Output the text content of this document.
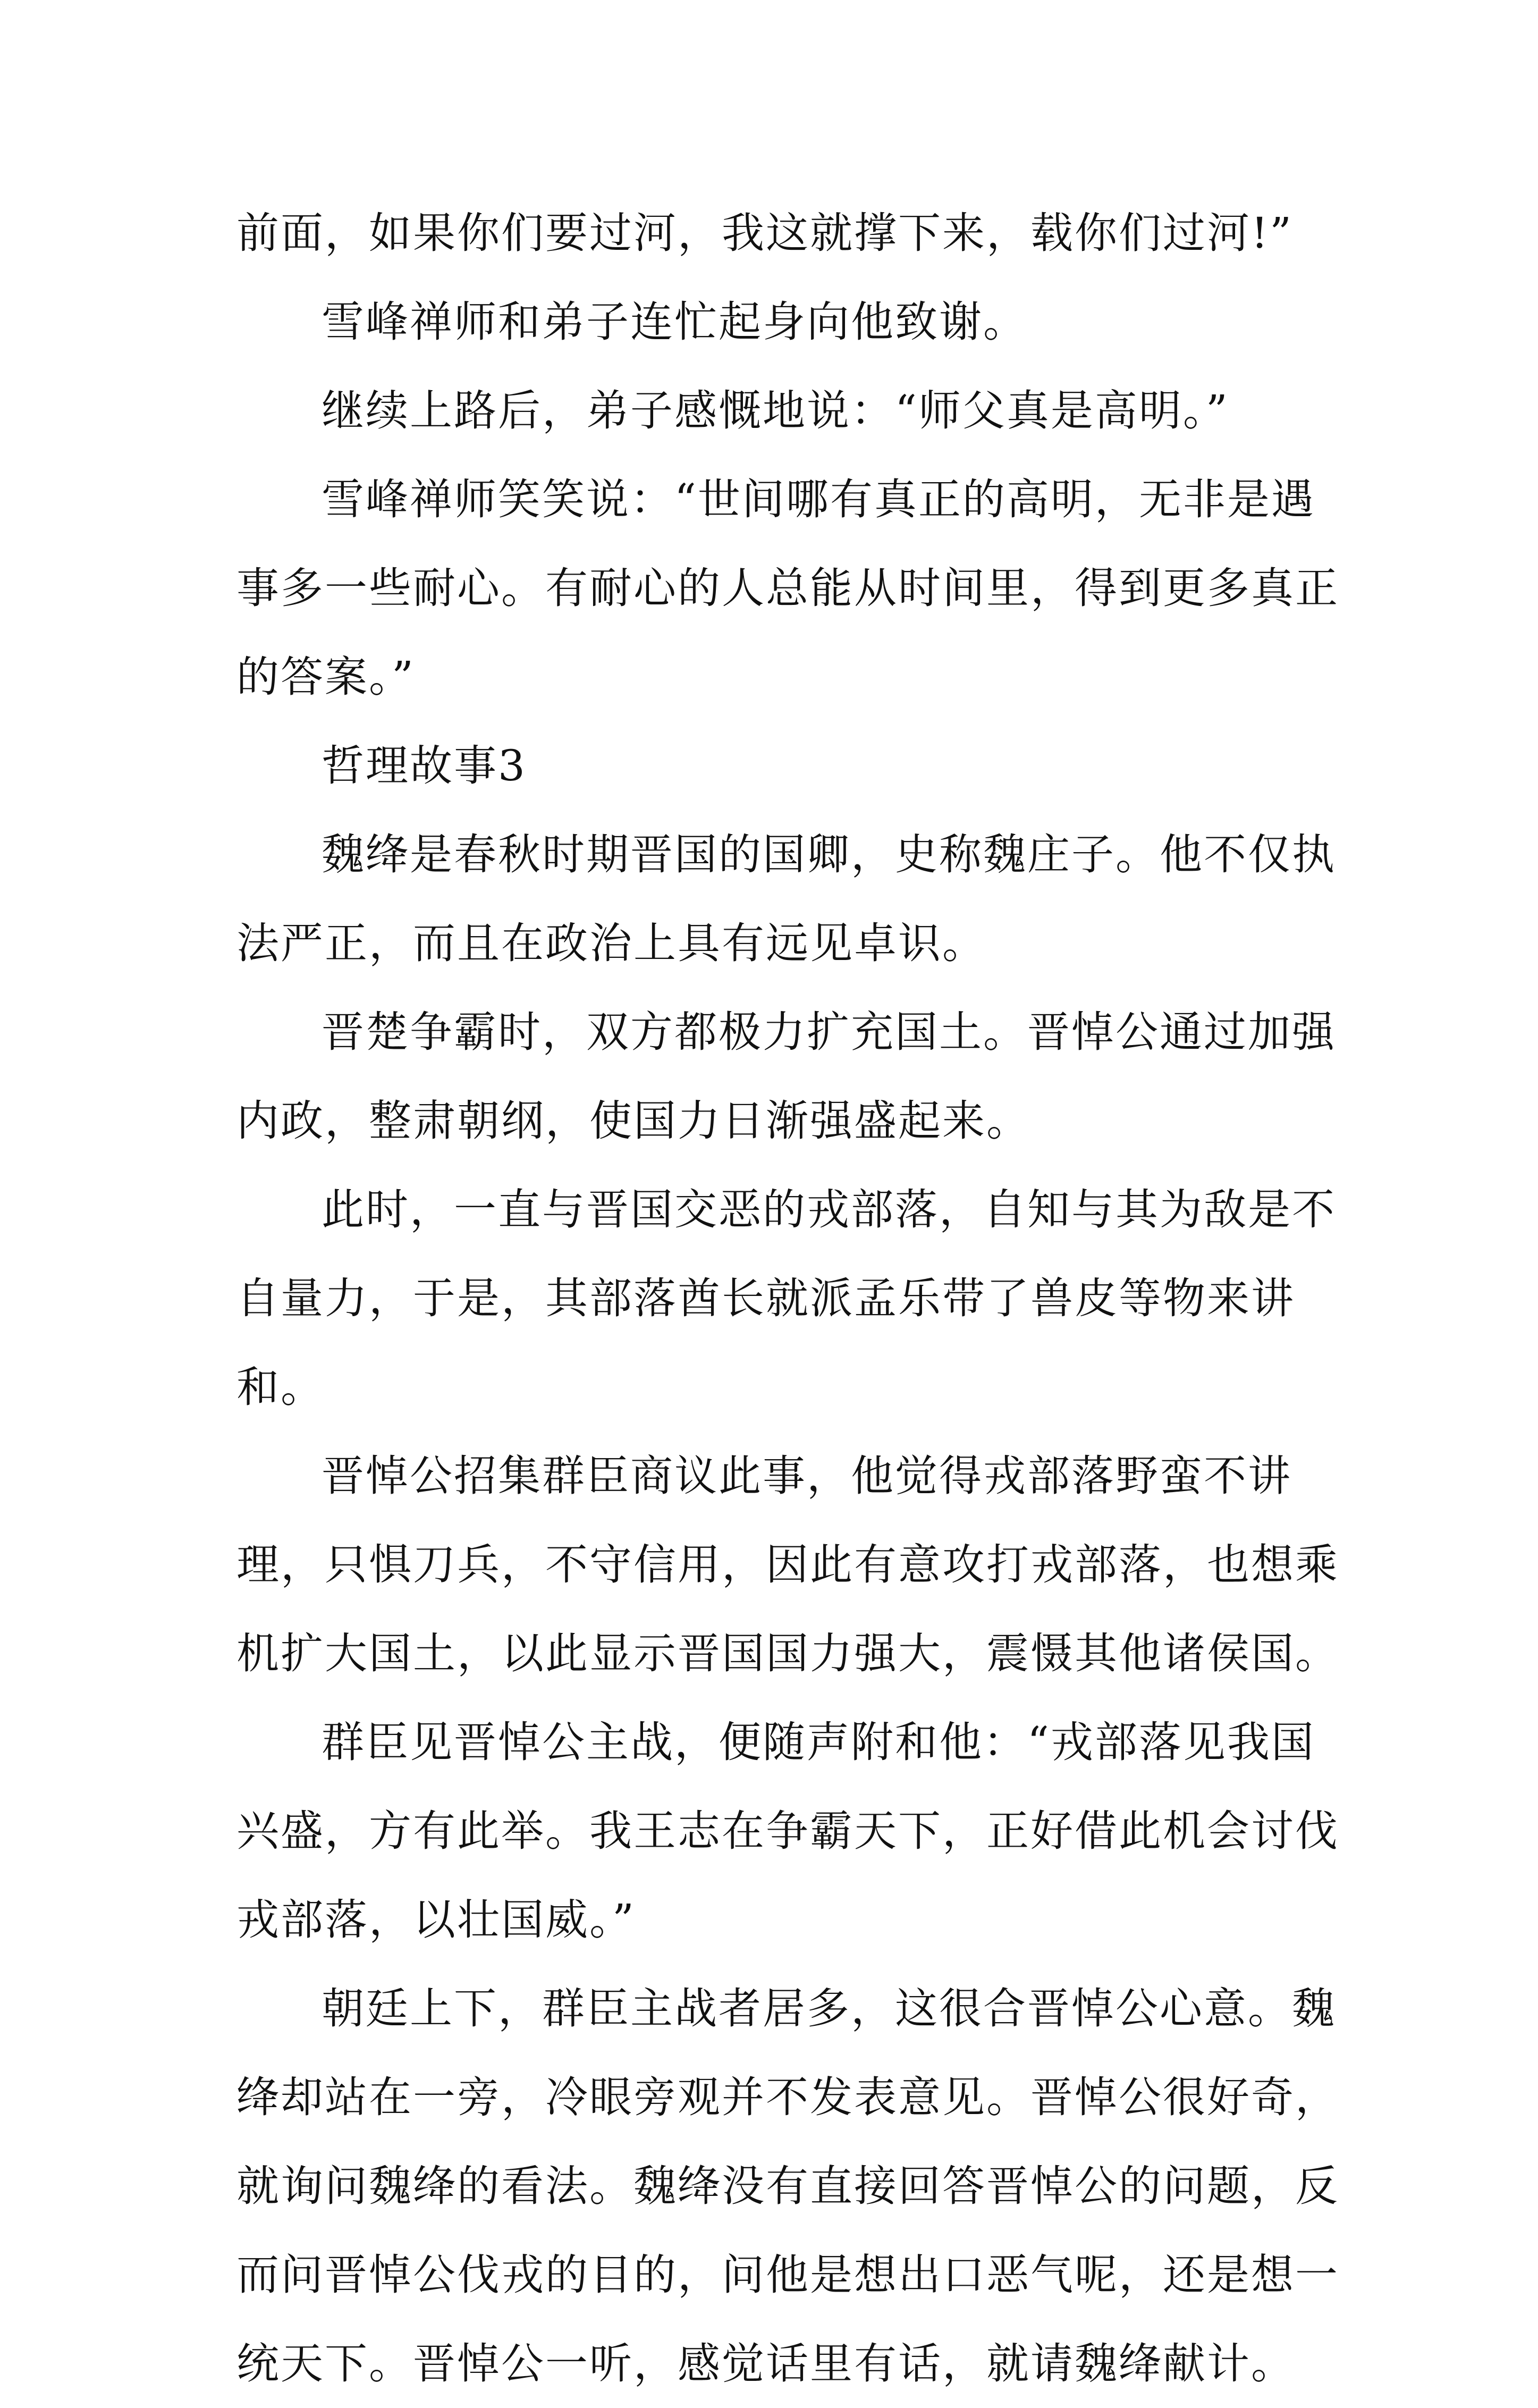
前面，如果你们要过河，我这就撑下来，载你们过河!”

雪峰禅师和弟子连忙起身向他致谢。

继续上路后，弟子感慨地说：“师父真是高明。”

雪峰禅师笑笑说：“世间哪有真正的高明，无非是遇事多一些耐心。有耐心的人总能从时间里，得到更多真正的答案。”

哲理故事3

魏绛是春秋时期晋国的国卿，史称魏庄子。他不仅执法严正，而且在政治上具有远见卓识。

晋楚争霸时，双方都极力扩充国土。晋悼公通过加强内政，整肃朝纲，使国力日渐强盛起来。

此时，一直与晋国交恶的戎部落，自知与其为敌是不自量力，于是，其部落酋长就派孟乐带了兽皮等物来讲和。

晋悼公招集群臣商议此事，他觉得戎部落野蛮不讲理，只惧刀兵，不守信用，因此有意攻打戎部落，也想乘机扩大国土，以此显示晋国国力强大，震慑其他诸侯国。

群臣见晋悼公主战，便随声附和他：“戎部落见我国兴盛，方有此举。我王志在争霸天下，正好借此机会讨伐戎部落，以壮国威。”

朝廷上下，群臣主战者居多，这很合晋悼公心意。魏绛却站在一旁，冷眼旁观并不发表意见。晋悼公很好奇，就询问魏绛的看法。魏绛没有直接回答晋悼公的问题，反而问晋悼公伐戎的目的，问他是想出口恶气呢，还是想一统天下。晋悼公一听，感觉话里有话，就请魏绛献计。
